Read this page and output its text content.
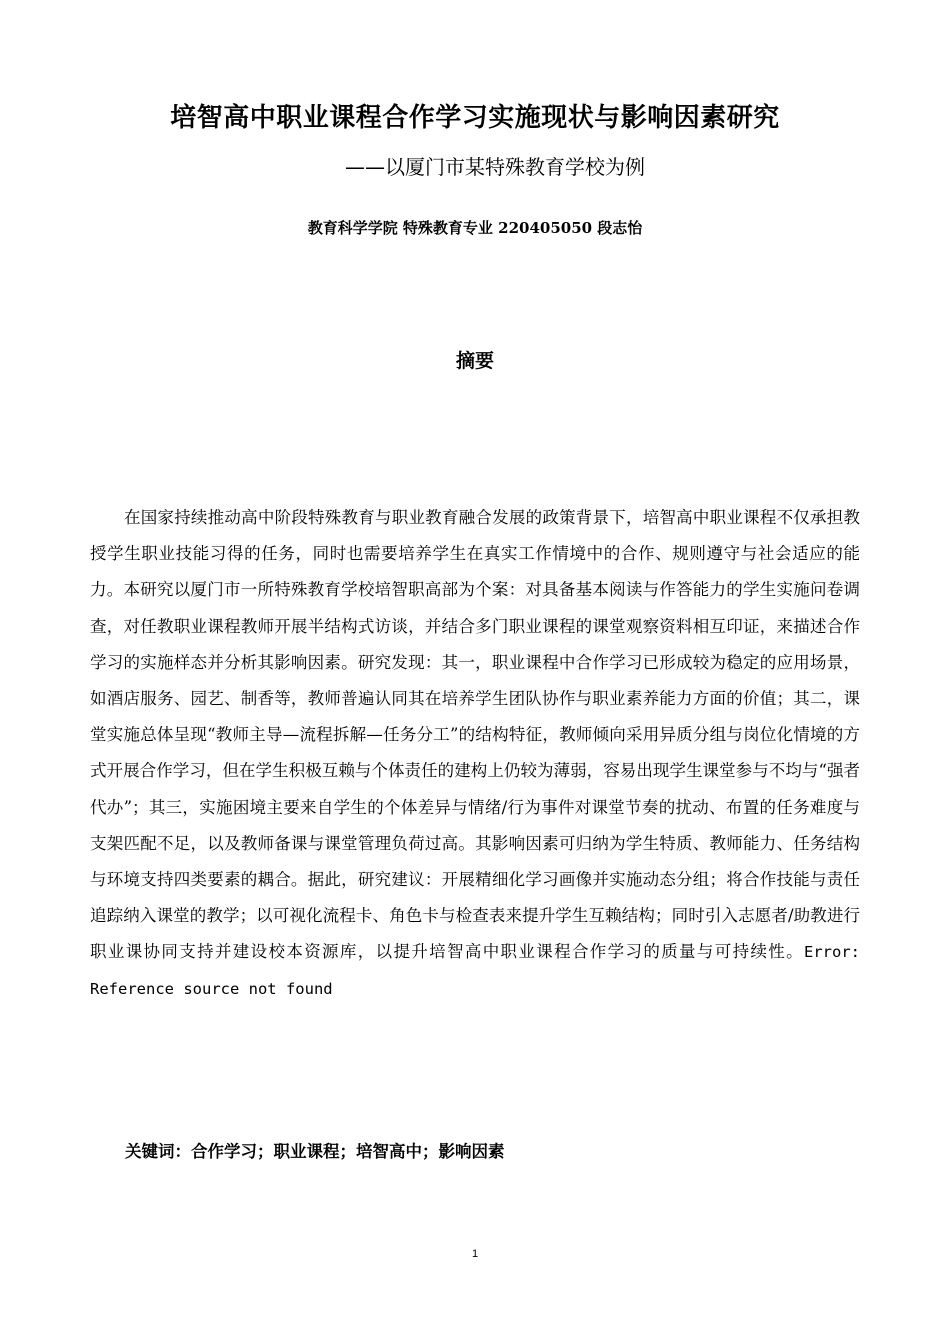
培智高中职业课程合作学习实施现状与影响因素研究
——以厦门市某特殊教育学校为例
教育科学学院 特殊教育专业 220405050 段志怡
摘要

在国家持续推动高中阶段特殊教育与职业教育融合发展的政策背景下，培智高中职业课程不仅承担教授学生职业技能习得的任务，同时也需要培养学生在真实工作情境中的合作、规则遵守与社会适应的能力。本研究以厦门市一所特殊教育学校培智职高部为个案：对具备基本阅读与作答能力的学生实施问卷调查，对任教职业课程教师开展半结构式访谈，并结合多门职业课程的课堂观察资料相互印证，来描述合作学习的实施样态并分析其影响因素。研究发现：其一，职业课程中合作学习已形成较为稳定的应用场景，如酒店服务、园艺、制香等，教师普遍认同其在培养学生团队协作与职业素养能力方面的价值；其二，课堂实施总体呈现“教师主导—流程拆解—任务分工”的结构特征，教师倾向采用异质分组与岗位化情境的方式开展合作学习，但在学生积极互赖与个体责任的建构上仍较为薄弱，容易出现学生课堂参与不均与“强者代办”；其三，实施困境主要来自学生的个体差异与情绪/行为事件对课堂节奏的扰动、布置的任务难度与支架匹配不足，以及教师备课与课堂管理负荷过高。其影响因素可归纳为学生特质、教师能力、任务结构与环境支持四类要素的耦合。据此，研究建议：开展精细化学习画像并实施动态分组；将合作技能与责任追踪纳入课堂的教学；以可视化流程卡、角色卡与检查表来提升学生互赖结构；同时引入志愿者/助教进行职业课协同支持并建设校本资源库，以提升培智高中职业课程合作学习的质量与可持续性。Error: Reference source not found

关键词：合作学习；职业课程；培智高中；影响因素
1
